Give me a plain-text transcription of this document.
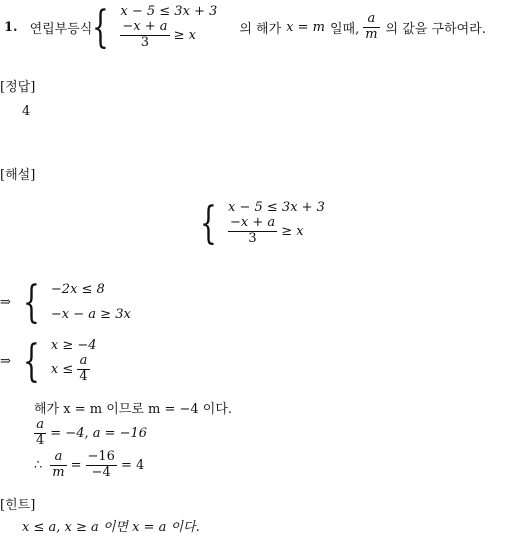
1. 연립부등식 { x − 5 ≤ 3x + 3
$\frac{-x + a}{3} \ge x$	의 해가 x = m 일때, $\frac{a}{m}$ 의 값을 구하여라.
[정답]
4
[해설]
{ x − 5 ≤ 3x + 3
$\frac{-x + a}{3} \ge x$
⇒ { −2x ≤ 8
−x − a ≥ 3x
⇒ { x ≥ −4
$x \le \frac{a}{4}$
해가 x = m 이므로 m = −4 이다.
$\frac{a}{4} = -4$, a = −16
∴ $\frac{a}{m} = \frac{-16}{-4} = 4$
[힌트]
x ≤ a, x ≥ a 이면 x = a 이다.
